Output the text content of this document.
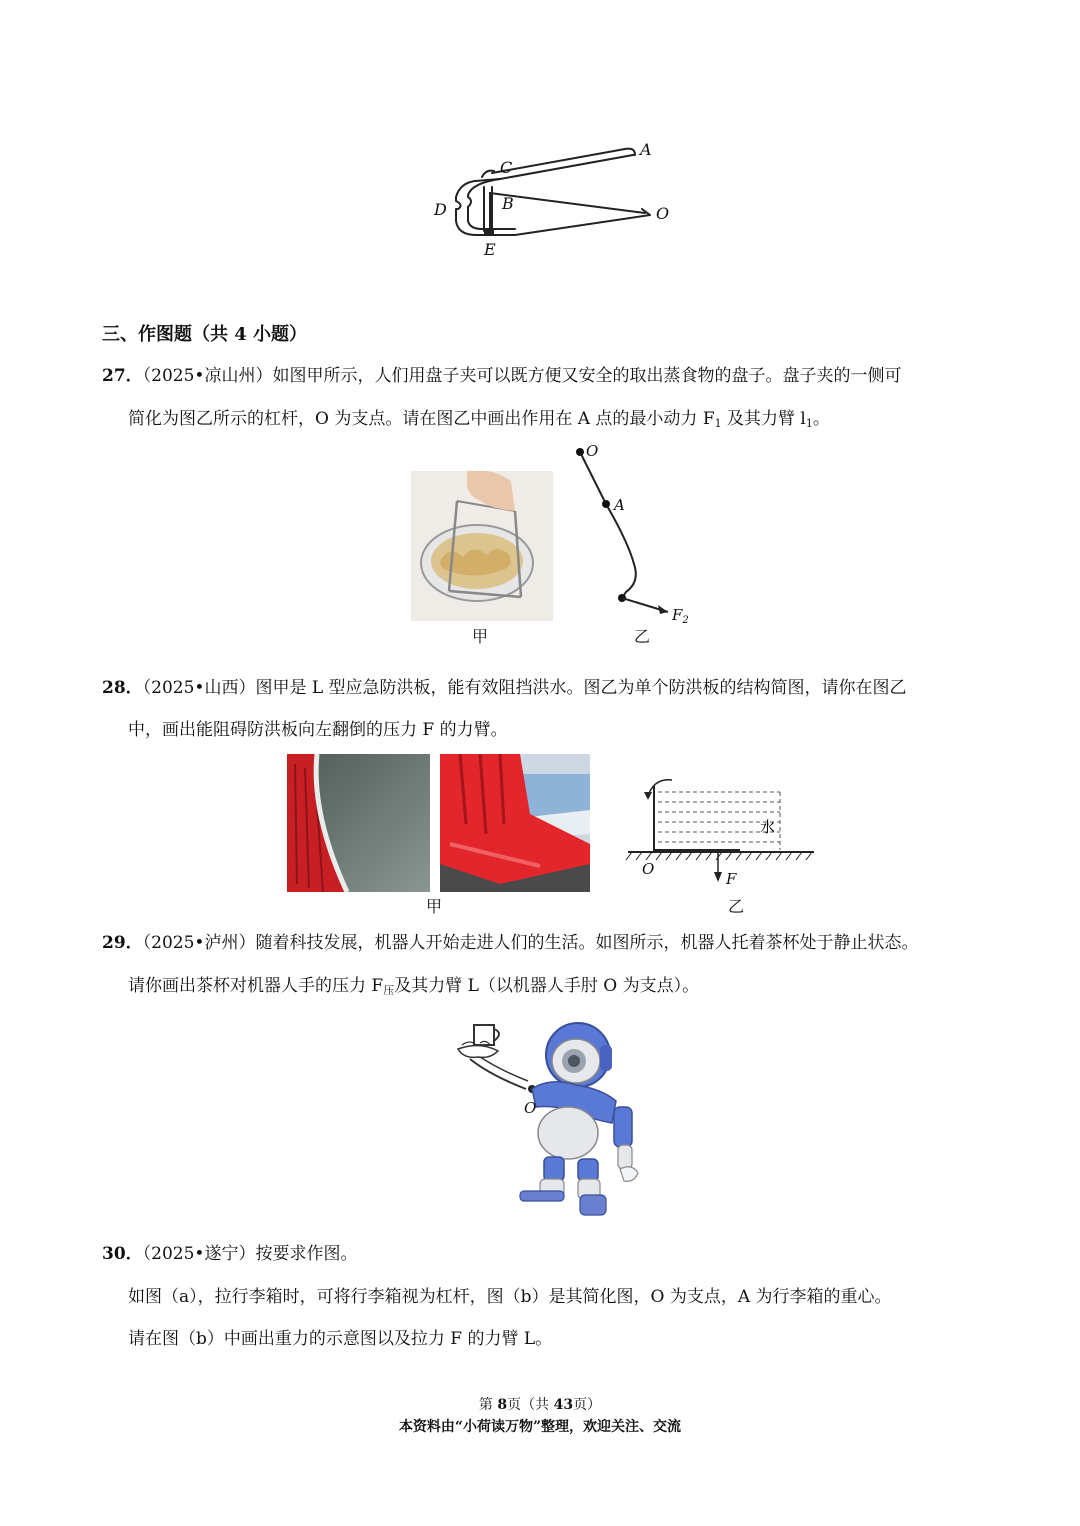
A
C
B
D
E
O
三、作图题（共 4 小题）
27．（2025•凉山州）如图甲所示，人们用盘子夹可以既方便又安全的取出蒸食物的盘子。盘子夹的一侧可
简化为图乙所示的杠杆，O 为支点。请在图乙中画出作用在 A 点的最小动力 $F_1$ 及其力臂 $l_1$。
甲
O
A
$F_2$
乙
28．（2025•山西）图甲是 L 型应急防洪板，能有效阻挡洪水。图乙为单个防洪板的结构简图，请你在图乙
中，画出能阻碍防洪板向左翻倒的压力 F 的力臂。
甲
水
O
F
乙
29．（2025•泸州）随着科技发展，机器人开始走进人们的生活。如图所示，机器人托着茶杯处于静止状态。
请你画出茶杯对机器人手的压力 $F_压$及其力臂 L（以机器人手肘 O 为支点）。
O
30．（2025•遂宁）按要求作图。
如图（a），拉行李箱时，可将行李箱视为杠杆，图（b）是其简化图，O 为支点，A 为行李箱的重心。
请在图（b）中画出重力的示意图以及拉力 F 的力臂 L。
第 8页（共 43页）
本资料由“小荷读万物”整理，欢迎关注、交流
